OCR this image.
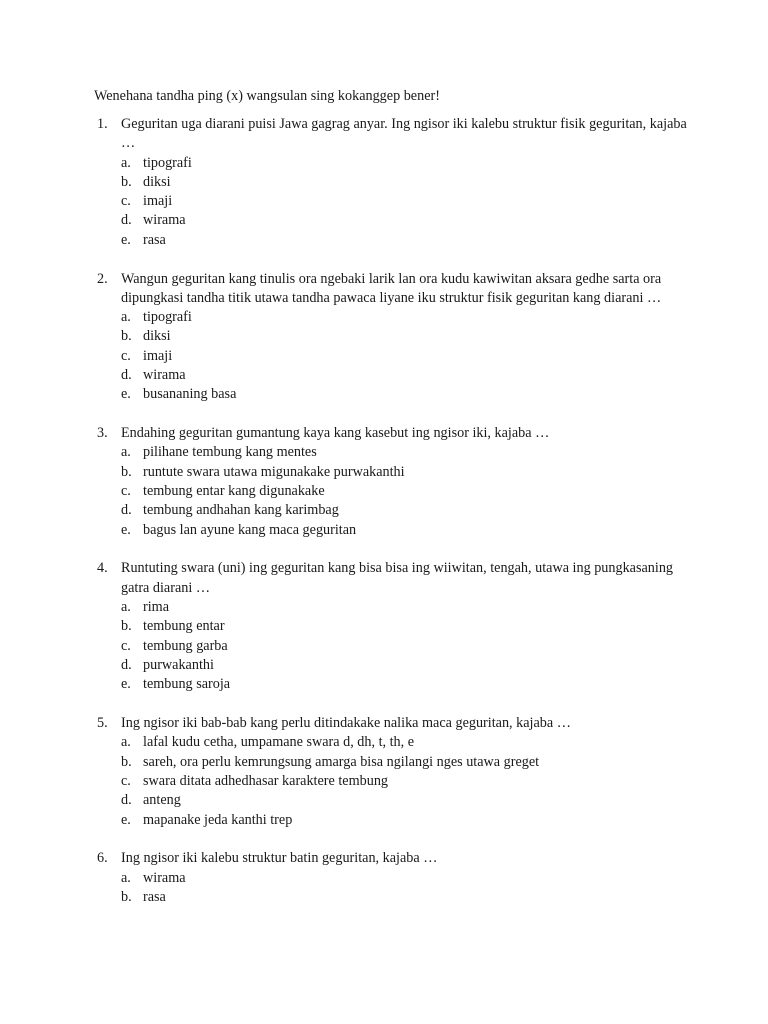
Wenehana tandha ping (x) wangsulan sing kokanggep bener!
1. Geguritan uga diarani puisi Jawa gagrag anyar. Ing ngisor iki kalebu struktur fisik geguritan, kajaba …
a. tipografi
b. diksi
c. imaji
d. wirama
e. rasa
2. Wangun geguritan kang tinulis ora ngebaki larik lan ora kudu kawiwitan aksara gedhe sarta ora dipungkasi tandha titik utawa tandha pawaca liyane iku struktur fisik geguritan kang diarani …
a. tipografi
b. diksi
c. imaji
d. wirama
e. busananing basa
3. Endahing geguritan gumantung kaya kang kasebut ing ngisor iki, kajaba …
a. pilihane tembung kang mentes
b. runtute swara utawa migunakake purwakanthi
c. tembung entar kang digunakake
d. tembung andhahan kang karimbag
e. bagus lan ayune kang maca geguritan
4. Runtuting swara (uni) ing geguritan kang bisa bisa ing wiiwitan, tengah, utawa ing pungkasaning gatra diarani …
a. rima
b. tembung entar
c. tembung garba
d. purwakanthi
e. tembung saroja
5. Ing ngisor iki bab-bab kang perlu ditindakake nalika maca geguritan, kajaba …
a. lafal kudu cetha, umpamane swara d, dh, t, th, e
b. sareh, ora perlu kemrungsung amarga bisa ngilangi nges utawa greget
c. swara ditata adhedhasar karaktere tembung
d. anteng
e. mapanake jeda kanthi trep
6. Ing ngisor iki kalebu struktur batin geguritan, kajaba …
a. wirama
b. rasa
